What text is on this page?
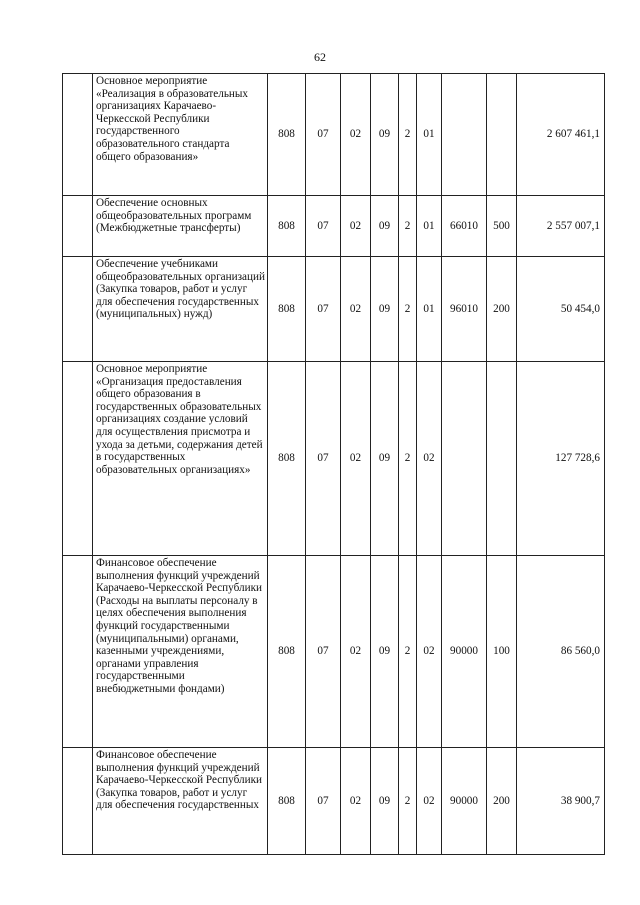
62
	Основное мероприятие «Реализация в образовательных организациях Карачаево-Черкесской Республики государственного образовательного стандарта общего образования»	808	07	02	09	2	01			2 607 461,1
	Обеспечение основных общеобразовательных программ (Межбюджетные трансферты)	808	07	02	09	2	01	66010	500	2 557 007,1
	Обеспечение учебниками общеобразовательных организаций (Закупка товаров, работ и услуг для обеспечения государственных (муниципальных) нужд)	808	07	02	09	2	01	96010	200	50 454,0
	Основное мероприятие «Организация предоставления общего образования в государственных образовательных организациях создание условий для осуществления присмотра и ухода за детьми, содержания детей в государственных образовательных организациях»	808	07	02	09	2	02			127 728,6
	Финансовое обеспечение выполнения функций учреждений Карачаево-Черкесской Республики (Расходы на выплаты персоналу в целях обеспечения выполнения функций государственными (муниципальными) органами, казенными учреждениями, органами управления государственными внебюджетными фондами)	808	07	02	09	2	02	90000	100	86 560,0
	Финансовое обеспечение выполнения функций учреждений Карачаево-Черкесской Республики (Закупка товаров, работ и услуг для обеспечения государственных	808	07	02	09	2	02	90000	200	38 900,7
